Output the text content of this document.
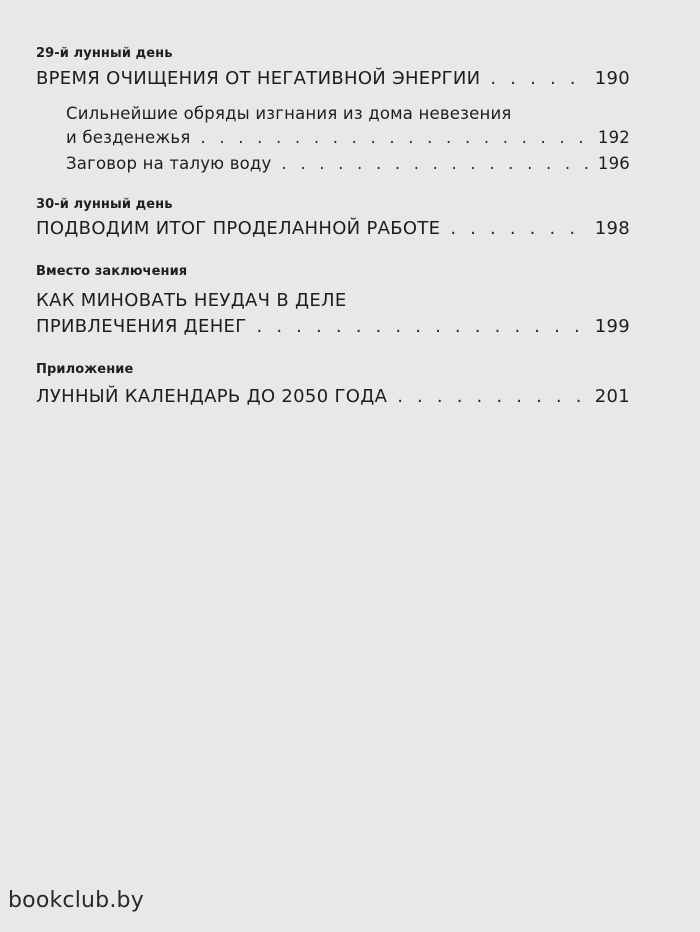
29-й лунный день
ВРЕМЯ ОЧИЩЕНИЯ ОТ НЕГАТИВНОЙ ЭНЕРГИИ . . .	190
Сильнейшие обряды изгнания из дома невезения
и безденежья . . .	192
Заговор на талую воду . . .	196
30-й лунный день
ПОДВОДИМ ИТОГ ПРОДЕЛАННОЙ РАБОТЕ . . .	198
Вместо заключения
КАК МИНОВАТЬ НЕУДАЧ В ДЕЛЕ
ПРИВЛЕЧЕНИЯ ДЕНЕГ . . .	199
Приложение
ЛУННЫЙ КАЛЕНДАРЬ ДО 2050 ГОДА . . .	201
bookclub.by
